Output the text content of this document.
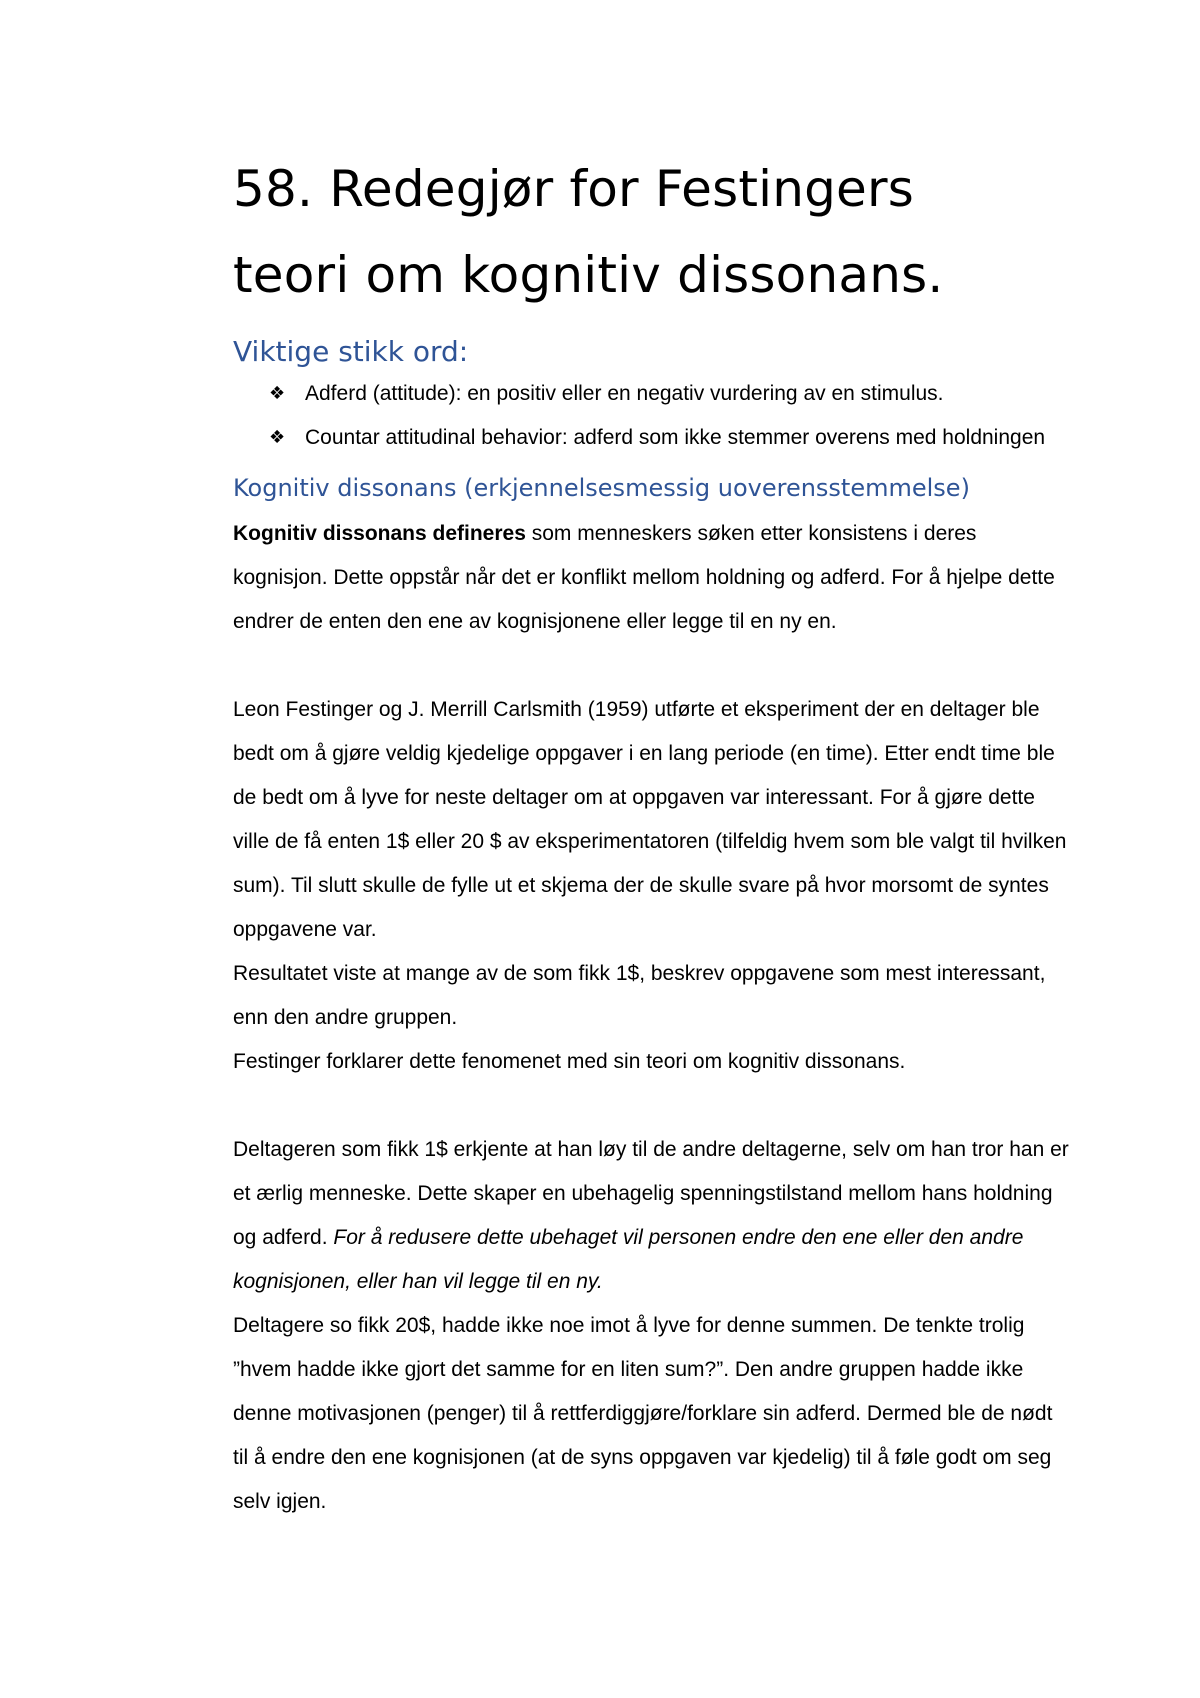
58. Redegjør for Festingers
teori om kognitiv dissonans.
Viktige stikk ord:
❖ Adferd (attitude): en positiv eller en negativ vurdering av en stimulus.
❖ Countar attitudinal behavior: adferd som ikke stemmer overens med holdningen
Kognitiv dissonans (erkjennelsesmessig uoverensstemmelse)

Kognitiv dissonans defineres som menneskers søken etter konsistens i deres kognisjon. Dette oppstår når det er konflikt mellom holdning og adferd. For å hjelpe dette endrer de enten den ene av kognisjonene eller legge til en ny en.

Leon Festinger og J. Merrill Carlsmith (1959) utførte et eksperiment der en deltager ble bedt om å gjøre veldig kjedelige oppgaver i en lang periode (en time). Etter endt time ble de bedt om å lyve for neste deltager om at oppgaven var interessant. For å gjøre dette ville de få enten 1$ eller 20 $ av eksperimentatoren (tilfeldig hvem som ble valgt til hvilken sum). Til slutt skulle de fylle ut et skjema der de skulle svare på hvor morsomt de syntes oppgavene var.

Resultatet viste at mange av de som fikk 1$, beskrev oppgavene som mest interessant, enn den andre gruppen.

Festinger forklarer dette fenomenet med sin teori om kognitiv dissonans.

Deltageren som fikk 1$ erkjente at han løy til de andre deltagerne, selv om han tror han er et ærlig menneske. Dette skaper en ubehagelig spenningstilstand mellom hans holdning og adferd. For å redusere dette ubehaget vil personen endre den ene eller den andre kognisjonen, eller han vil legge til en ny.

Deltagere so fikk 20$, hadde ikke noe imot å lyve for denne summen. De tenkte trolig ”hvem hadde ikke gjort det samme for en liten sum?”. Den andre gruppen hadde ikke denne motivasjonen (penger) til å rettferdiggjøre/forklare sin adferd. Dermed ble de nødt til å endre den ene kognisjonen (at de syns oppgaven var kjedelig) til å føle godt om seg selv igjen.
